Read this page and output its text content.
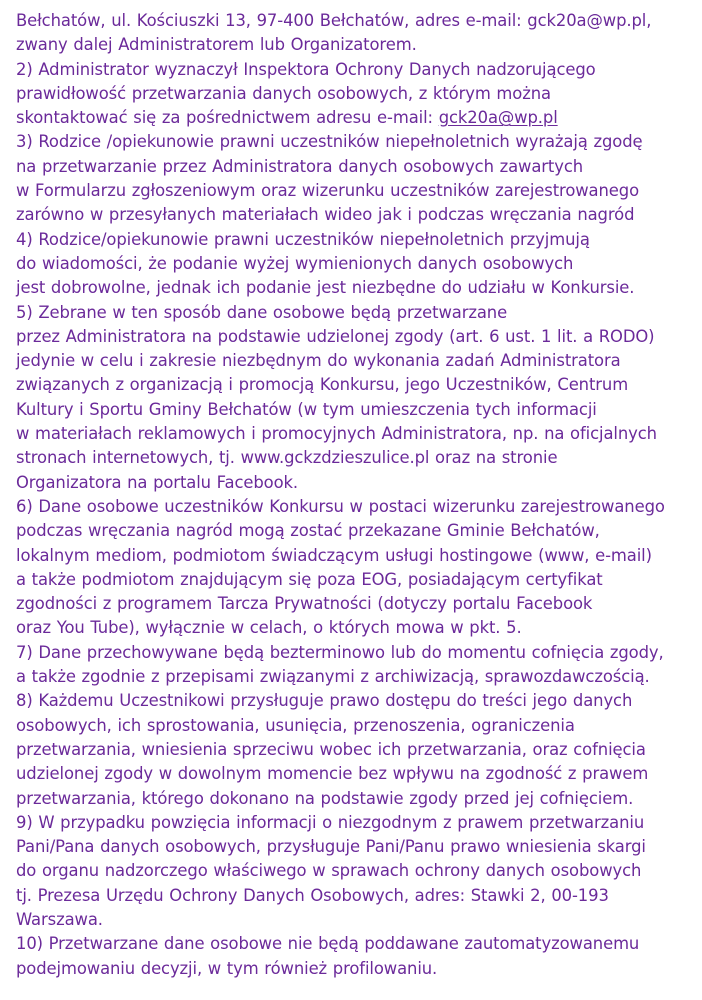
Bełchatów, ul. Kościuszki 13, 97-400 Bełchatów, adres e-mail: gck20a@wp.pl,
zwany dalej Administratorem lub Organizatorem.
2) Administrator wyznaczył Inspektora Ochrony Danych nadzorującego
prawidłowość przetwarzania danych osobowych, z którym można
skontaktować się za pośrednictwem adresu e-mail: gck20a@wp.pl
3) Rodzice /opiekunowie prawni uczestników niepełnoletnich wyrażają zgodę
na przetwarzanie przez Administratora danych osobowych zawartych
w Formularzu zgłoszeniowym oraz wizerunku uczestników zarejestrowanego
zarówno w przesyłanych materiałach wideo jak i podczas wręczania nagród
4) Rodzice/opiekunowie prawni uczestników niepełnoletnich przyjmują
do wiadomości, że podanie wyżej wymienionych danych osobowych
jest dobrowolne, jednak ich podanie jest niezbędne do udziału w Konkursie.
5) Zebrane w ten sposób dane osobowe będą przetwarzane
przez Administratora na podstawie udzielonej zgody (art. 6 ust. 1 lit. a RODO)
jedynie w celu i zakresie niezbędnym do wykonania zadań Administratora
związanych z organizacją i promocją Konkursu, jego Uczestników, Centrum
Kultury i Sportu Gminy Bełchatów (w tym umieszczenia tych informacji
w materiałach reklamowych i promocyjnych Administratora, np. na oficjalnych
stronach internetowych, tj. www.gckzdzieszulice.pl oraz na stronie
Organizatora na portalu Facebook.
6) Dane osobowe uczestników Konkursu w postaci wizerunku zarejestrowanego
podczas wręczania nagród mogą zostać przekazane Gminie Bełchatów,
lokalnym mediom, podmiotom świadczącym usługi hostingowe (www, e-mail)
a także podmiotom znajdującym się poza EOG, posiadającym certyfikat
zgodności z programem Tarcza Prywatności (dotyczy portalu Facebook
oraz You Tube), wyłącznie w celach, o których mowa w pkt. 5.
7) Dane przechowywane będą bezterminowo lub do momentu cofnięcia zgody,
a także zgodnie z przepisami związanymi z archiwizacją, sprawozdawczością.
8) Każdemu Uczestnikowi przysługuje prawo dostępu do treści jego danych
osobowych, ich sprostowania, usunięcia, przenoszenia, ograniczenia
przetwarzania, wniesienia sprzeciwu wobec ich przetwarzania, oraz cofnięcia
udzielonej zgody w dowolnym momencie bez wpływu na zgodność z prawem
przetwarzania, którego dokonano na podstawie zgody przed jej cofnięciem.
9) W przypadku powzięcia informacji o niezgodnym z prawem przetwarzaniu
Pani/Pana danych osobowych, przysługuje Pani/Panu prawo wniesienia skargi
do organu nadzorczego właściwego w sprawach ochrony danych osobowych
tj. Prezesa Urzędu Ochrony Danych Osobowych, adres: Stawki 2, 00-193
Warszawa.
10) Przetwarzane dane osobowe nie będą poddawane zautomatyzowanemu
podejmowaniu decyzji, w tym również profilowaniu.
